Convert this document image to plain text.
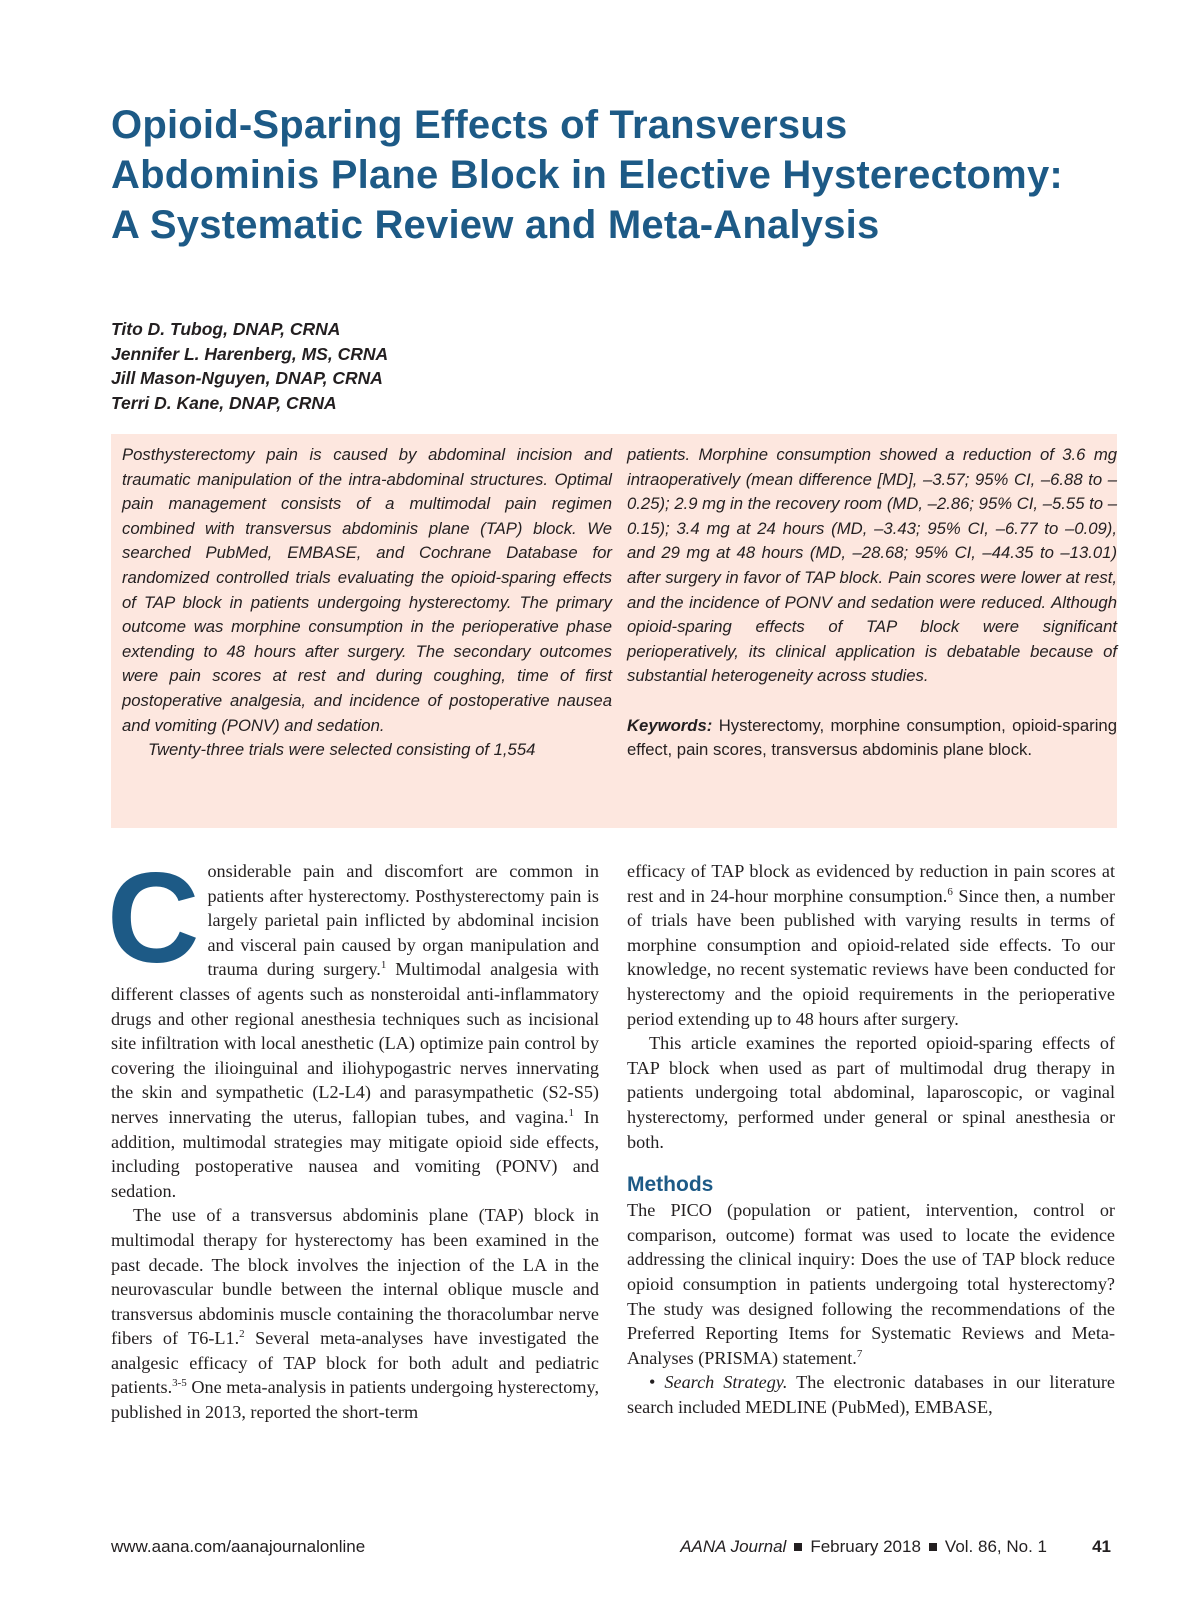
Opioid-Sparing Effects of Transversus
Abdominis Plane Block in Elective Hysterectomy:
A Systematic Review and Meta-Analysis
Tito D. Tubog, DNAP, CRNA
Jennifer L. Harenberg, MS, CRNA
Jill Mason-Nguyen, DNAP, CRNA
Terri D. Kane, DNAP, CRNA

Posthysterectomy pain is caused by abdominal incision and traumatic manipulation of the intra-abdominal structures. Optimal pain management consists of a multimodal pain regimen combined with transversus abdominis plane (TAP) block. We searched PubMed, EMBASE, and Cochrane Database for randomized controlled trials evaluating the opioid-sparing effects of TAP block in patients undergoing hysterectomy. The primary outcome was morphine consumption in the perioperative phase extending to 48 hours after surgery. The secondary outcomes were pain scores at rest and during coughing, time of first postoperative analgesia, and incidence of postoperative nausea and vomiting (PONV) and sedation.

Twenty-three trials were selected consisting of 1,554

patients. Morphine consumption showed a reduction of 3.6 mg intraoperatively (mean difference [MD], –3.57; 95% CI, –6.88 to –0.25); 2.9 mg in the recovery room (MD, –2.86; 95% CI, –5.55 to –0.15); 3.4 mg at 24 hours (MD, –3.43; 95% CI, –6.77 to –0.09), and 29 mg at 48 hours (MD, –28.68; 95% CI, –44.35 to –13.01) after surgery in favor of TAP block. Pain scores were lower at rest, and the incidence of PONV and sedation were reduced. Although opioid-sparing effects of TAP block were significant perioperatively, its clinical application is debatable because of substantial heterogeneity across studies.

Keywords: Hysterectomy, morphine consumption, opioid-sparing effect, pain scores, transversus abdominis plane block.

Considerable pain and discomfort are common in patients after hysterectomy. Posthysterectomy pain is largely parietal pain inflicted by abdominal incision and visceral pain caused by organ manipulation and trauma during surgery.$^1$ Multimodal analgesia with different classes of agents such as nonsteroidal anti-inflammatory drugs and other regional anesthesia techniques such as incisional site infiltration with local anesthetic (LA) optimize pain control by covering the ilioinguinal and iliohypogastric nerves innervating the skin and sympathetic (L2-L4) and parasympathetic (S2-S5) nerves innervating the uterus, fallopian tubes, and vagina.$^1$ In addition, multimodal strategies may mitigate opioid side effects, including postoperative nausea and vomiting (PONV) and sedation.

The use of a transversus abdominis plane (TAP) block in multimodal therapy for hysterectomy has been examined in the past decade. The block involves the injection of the LA in the neurovascular bundle between the internal oblique muscle and transversus abdominis muscle containing the thoracolumbar nerve fibers of T6-L1.$^2$ Several meta-analyses have investigated the analgesic efficacy of TAP block for both adult and pediatric patients.$^{3-5}$ One meta-analysis in patients undergoing hysterectomy, published in 2013, reported the short-term

efficacy of TAP block as evidenced by reduction in pain scores at rest and in 24-hour morphine consumption.$^6$ Since then, a number of trials have been published with varying results in terms of morphine consumption and opioid-related side effects. To our knowledge, no recent systematic reviews have been conducted for hysterectomy and the opioid requirements in the perioperative period extending up to 48 hours after surgery.

This article examines the reported opioid-sparing effects of TAP block when used as part of multimodal drug therapy in patients undergoing total abdominal, laparoscopic, or vaginal hysterectomy, performed under general or spinal anesthesia or both.

Methods

The PICO (population or patient, intervention, control or comparison, outcome) format was used to locate the evidence addressing the clinical inquiry: Does the use of TAP block reduce opioid consumption in patients undergoing total hysterectomy? The study was designed following the recommendations of the Preferred Reporting Items for Systematic Reviews and Meta-Analyses (PRISMA) statement.$^7$

• Search Strategy. The electronic databases in our literature search included MEDLINE (PubMed), EMBASE,

www.aana.com/aanajournalonline	AANA Journal February 2018 Vol. 86, No. 1	41
